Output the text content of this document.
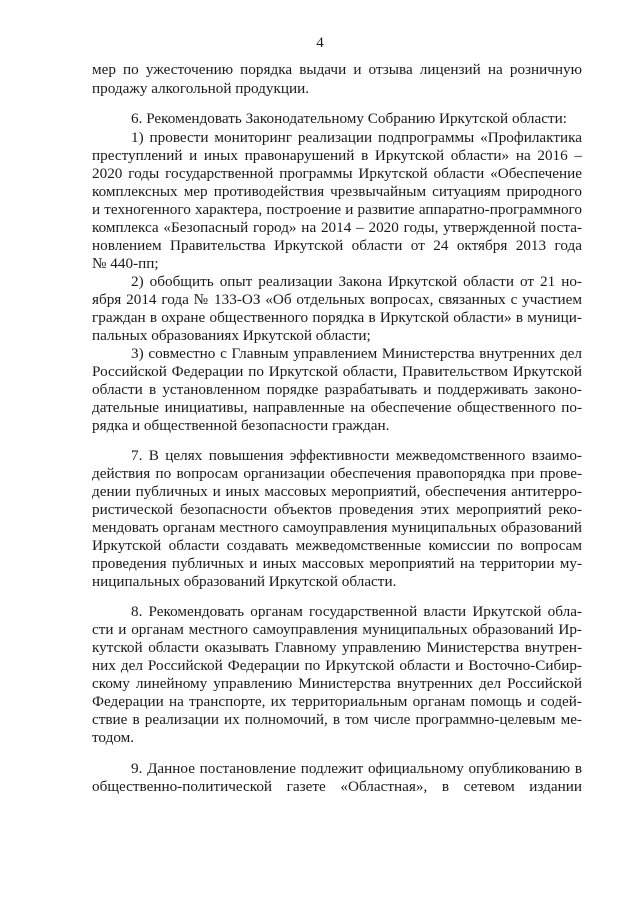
4
мер по ужесточению порядка выдачи и отзыва лицензий на розничную
продажу алкогольной продукции.
6. Рекомендовать Законодательному Собранию Иркутской области:
1) провести мониторинг реализации подпрограммы «Профилактика
преступлений и иных правонарушений в Иркутской области» на 2016 –
2020 годы государственной программы Иркутской области «Обеспечение
комплексных мер противодействия чрезвычайным ситуациям природного
и техногенного характера, построение и развитие аппаратно-программного
комплекса «Безопасный город» на 2014 – 2020 годы, утвержденной поста-
новлением Правительства Иркутской области от 24 октября 2013 года
№ 440-пп;
2) обобщить опыт реализации Закона Иркутской области от 21 но-
ября 2014 года № 133-ОЗ «Об отдельных вопросах, связанных с участием
граждан в охране общественного порядка в Иркутской области» в муници-
пальных образованиях Иркутской области;
3) совместно с Главным управлением Министерства внутренних дел
Российской Федерации по Иркутской области, Правительством Иркутской
области в установленном порядке разрабатывать и поддерживать законо-
дательные инициативы, направленные на обеспечение общественного по-
рядка и общественной безопасности граждан.
7. В целях повышения эффективности межведомственного взаимо-
действия по вопросам организации обеспечения правопорядка при прове-
дении публичных и иных массовых мероприятий, обеспечения антитерро-
ристической безопасности объектов проведения этих мероприятий реко-
мендовать органам местного самоуправления муниципальных образований
Иркутской области создавать межведомственные комиссии по вопросам
проведения публичных и иных массовых мероприятий на территории му-
ниципальных образований Иркутской области.
8. Рекомендовать органам государственной власти Иркутской обла-
сти и органам местного самоуправления муниципальных образований Ир-
кутской области оказывать Главному управлению Министерства внутрен-
них дел Российской Федерации по Иркутской области и Восточно-Сибир-
скому линейному управлению Министерства внутренних дел Российской
Федерации на транспорте, их территориальным органам помощь и содей-
ствие в реализации их полномочий, в том числе программно-целевым ме-
тодом.
9. Данное постановление подлежит официальному опубликованию в
общественно-политической газете «Областная», в сетевом издании
